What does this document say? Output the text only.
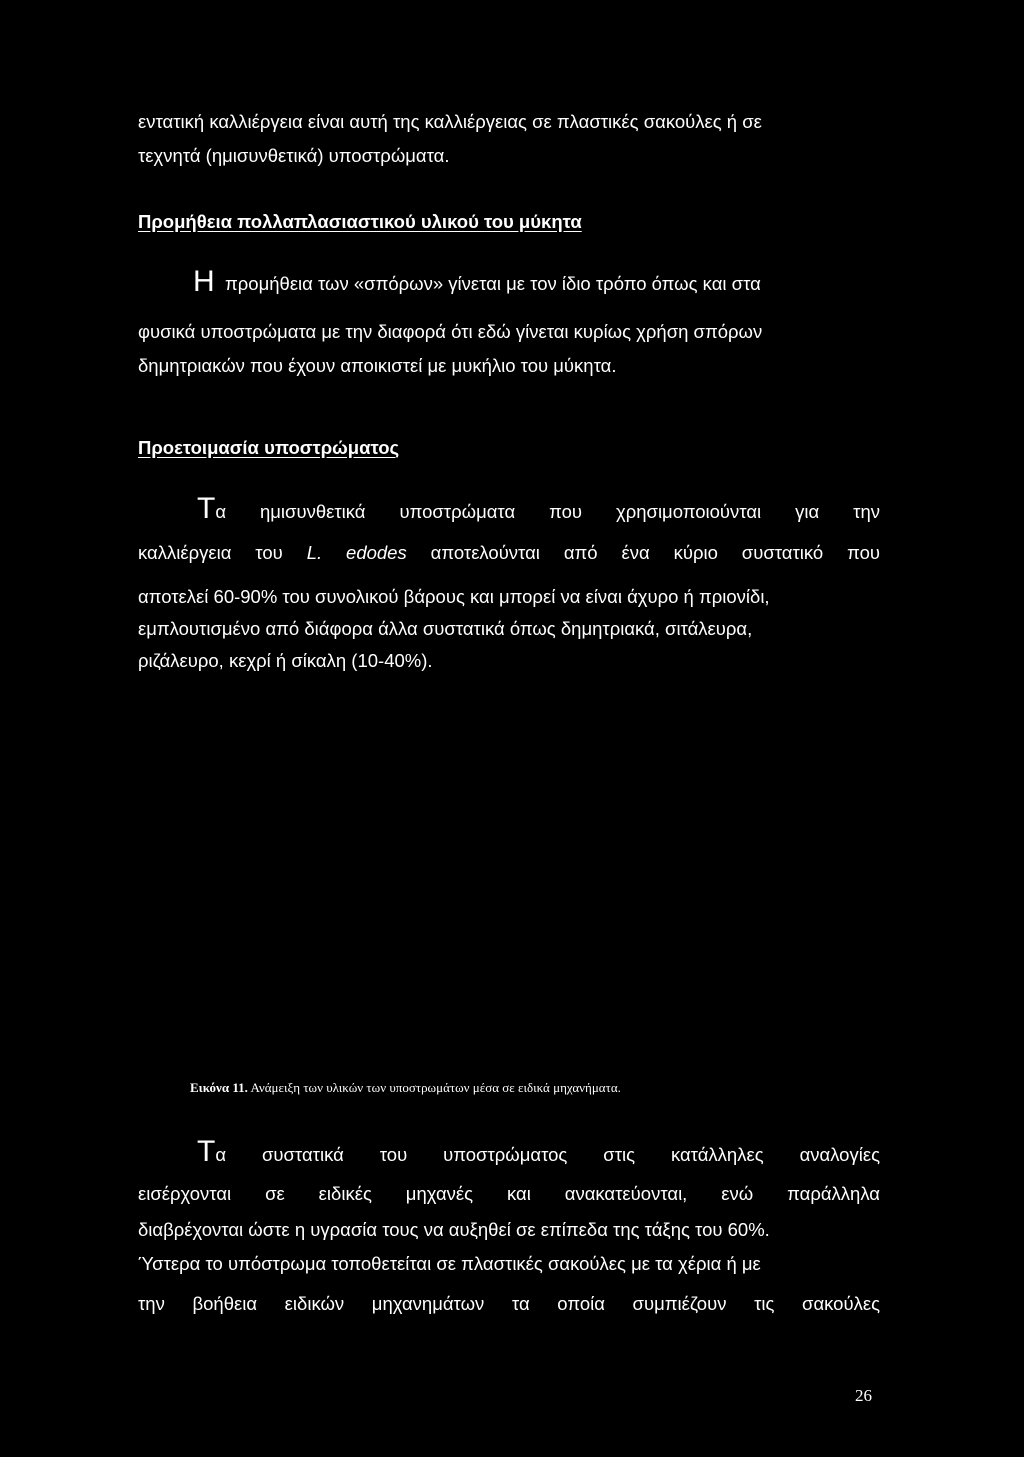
εντατική καλλιέργεια είναι αυτή της καλλιέργειας σε πλαστικές σακούλες ή σε
τεχνητά (ημισυνθετικά) υποστρώματα.
Προμήθεια πολλαπλασιαστικού υλικού του μύκητα
Η προμήθεια των «σπόρων» γίνεται με τον ίδιο τρόπο όπως και στα
φυσικά υποστρώματα με την διαφορά ότι εδώ γίνεται κυρίως χρήση σπόρων
δημητριακών που έχουν αποικιστεί με μυκήλιο του μύκητα.
Προετοιμασία υποστρώματος
Τα ημισυνθετικά υποστρώματα που χρησιμοποιούνται για την
καλλιέργεια του L. edodes αποτελούνται από ένα κύριο συστατικό που
αποτελεί 60-90% του συνολικού βάρους και μπορεί να είναι άχυρο ή πριονίδι,
εμπλουτισμένο από διάφορα άλλα συστατικά όπως δημητριακά, σιτάλευρα,
ριζάλευρο, κεχρί ή σίκαλη (10-40%).
Εικόνα 11. Ανάμειξη των υλικών των υποστρωμάτων μέσα σε ειδικά μηχανήματα.
Τα συστατικά του υποστρώματος στις κατάλληλες αναλογίες
εισέρχονται σε ειδικές μηχανές και ανακατεύονται, ενώ παράλληλα
διαβρέχονται ώστε η υγρασία τους να αυξηθεί σε επίπεδα της τάξης του 60%.
Ύστερα το υπόστρωμα τοποθετείται σε πλαστικές σακούλες με τα χέρια ή με
την βοήθεια ειδικών μηχανημάτων τα οποία συμπιέζουν τις σακούλες
26
